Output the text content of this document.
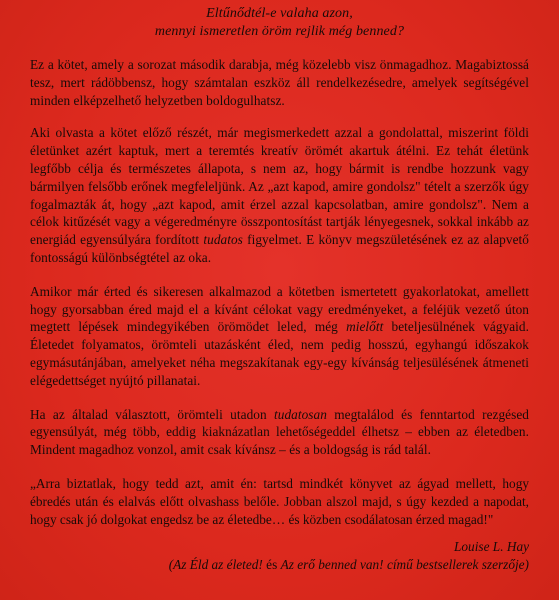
Eltűnődtél-e valaha azon,
mennyi ismeretlen öröm rejlik még benned?

Ez a kötet, amely a sorozat második darabja, még közelebb visz önmagadhoz. Magabiztossá tesz, mert rádöbbensz, hogy számtalan eszköz áll rendelkezésedre, amelyek segítségével minden elképzelhető helyzetben boldogulhatsz.

Aki olvasta a kötet előző részét, már megismerkedett azzal a gondolattal, miszerint földi életünket azért kaptuk, mert a teremtés kreatív örömét akartuk átélni. Ez tehát életünk legfőbb célja és természetes állapota, s nem az, hogy bármit is rendbe hozzunk vagy bármilyen felsőbb erőnek megfeleljünk. Az „azt kapod, amire gondolsz" tételt a szerzők úgy fogalmazták át, hogy „azt kapod, amit érzel azzal kapcsolatban, amire gondolsz". Nem a célok kitűzését vagy a végeredményre összpontosítást tartják lényegesnek, sokkal inkább az energiád egyensúlyára fordított tudatos figyelmet. E könyv megszületésének ez az alapvető fontosságú különbségtétel az oka.

Amikor már érted és sikeresen alkalmazod a kötetben ismertetett gyakorlatokat, amellett hogy gyorsabban éred majd el a kívánt célokat vagy eredményeket, a feléjük vezető úton megtett lépések mindegyikében örömödet leled, még mielőtt beteljesülnének vágyaid. Életedet folyamatos, örömteli utazásként éled, nem pedig hosszú, egyhangú időszakok egymásutánjában, amelyeket néha megszakítanak egy-egy kívánság teljesülésének átmeneti elégedettséget nyújtó pillanatai.

Ha az általad választott, örömteli utadon tudatosan megtalálod és fenntartod rezgésed egyensúlyát, még több, eddig kiaknázatlan lehetőségeddel élhetsz – ebben az életedben. Mindent magadhoz vonzol, amit csak kívánsz – és a boldogság is rád talál.

„Arra biztatlak, hogy tedd azt, amit én: tartsd mindkét könyvet az ágyad mellett, hogy ébredés után és elalvás előtt olvashass belőle. Jobban alszol majd, s úgy kezded a napodat, hogy csak jó dolgokat engedsz be az életedbe… és közben csodálatosan érzed magad!"

Louise L. Hay

(Az Éld az életed! és Az erő benned van! című bestsellerek szerzője)
